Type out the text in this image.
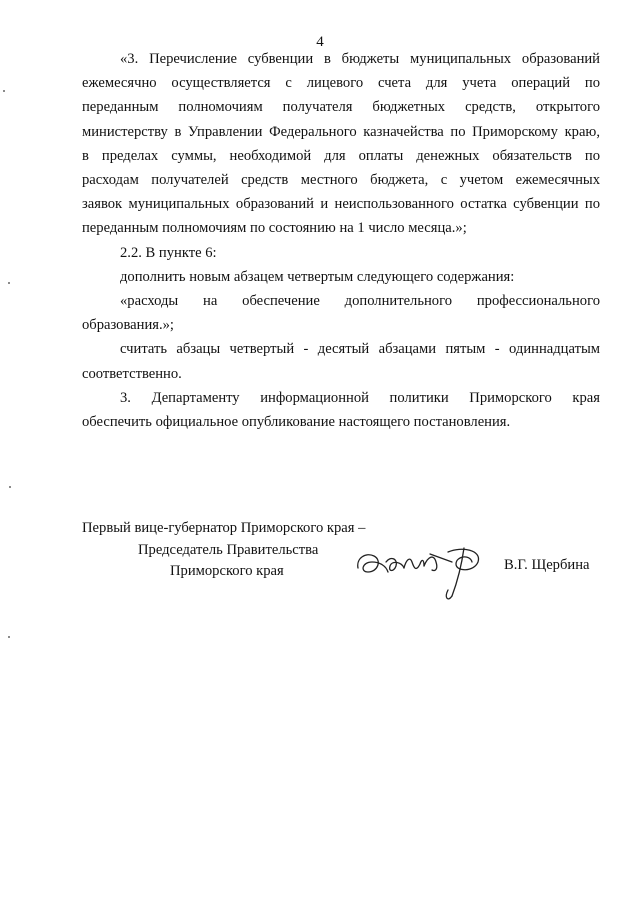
4

«3. Перечисление субвенции в бюджеты муниципальных образований

ежемесячно осуществляется с лицевого счета для учета операций по

переданным полномочиям получателя бюджетных средств, открытого

министерству в Управлении Федерального казначейства по Приморскому краю,

в пределах суммы, необходимой для оплаты денежных обязательств по

расходам получателей средств местного бюджета, с учетом ежемесячных

заявок муниципальных образований и неиспользованного остатка субвенции по

переданным полномочиям по состоянию на 1 число месяца.»;

2.2. В пункте 6:

дополнить новым абзацем четвертым следующего содержания:

«расходы на обеспечение дополнительного профессионального

образования.»;

считать абзацы четвертый - десятый абзацами пятым - одиннадцатым

соответственно.

3. Департаменту информационной политики Приморского края

обеспечить официальное опубликование настоящего постановления.

Первый вице-губернатор Приморского края –
Председатель Правительства
Приморского края	В.Г. Щербина
